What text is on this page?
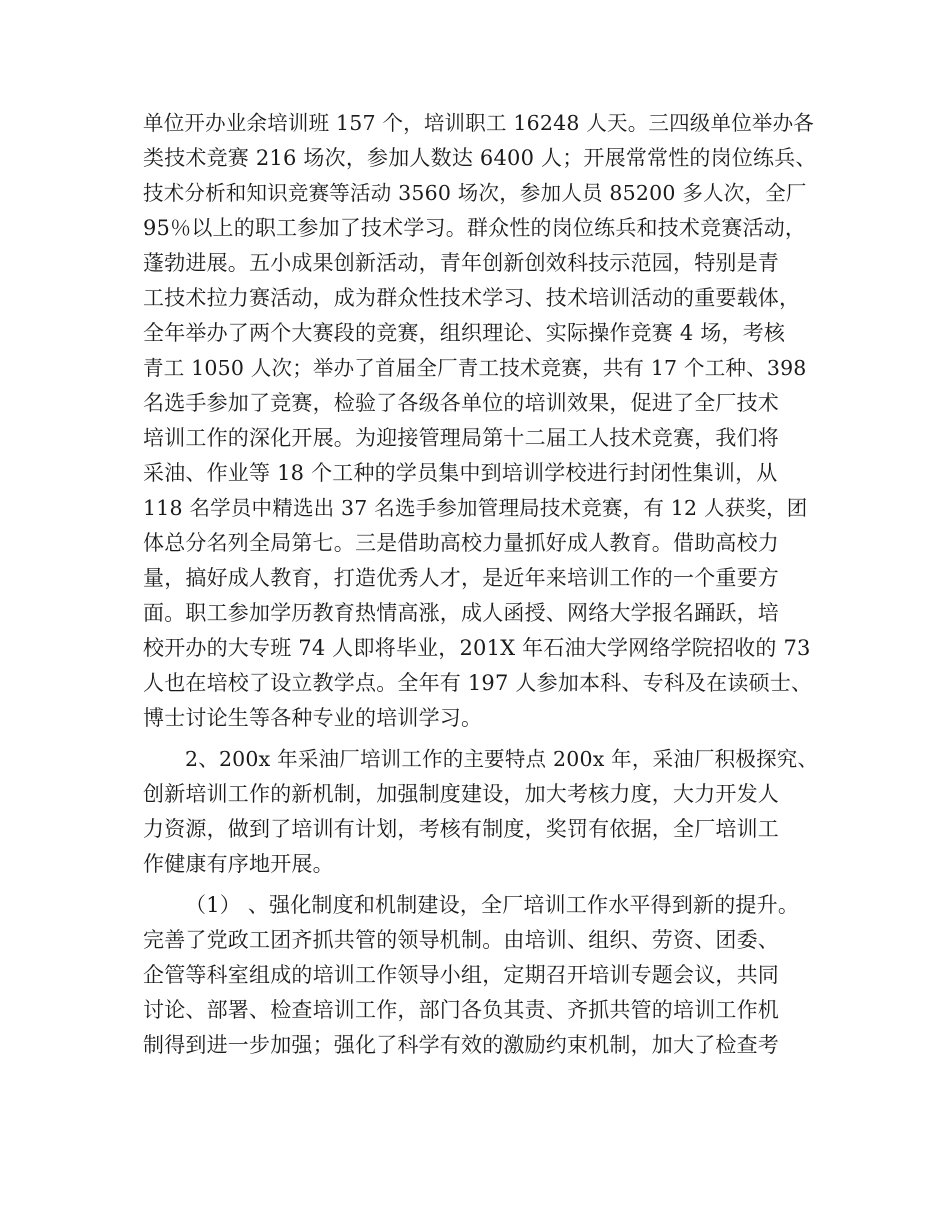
单位开办业余培训班 157 个，培训职工 16248 人天。三四级单位举办各
类技术竞赛 216 场次，参加人数达 6400 人；开展常常性的岗位练兵、
技术分析和知识竞赛等活动 3560 场次，参加人员 85200 多人次，全厂
95％以上的职工参加了技术学习。群众性的岗位练兵和技术竞赛活动，
蓬勃进展。五小成果创新活动，青年创新创效科技示范园，特别是青
工技术拉力赛活动，成为群众性技术学习、技术培训活动的重要载体，
全年举办了两个大赛段的竞赛，组织理论、实际操作竞赛 4 场，考核
青工 1050 人次；举办了首届全厂青工技术竞赛，共有 17 个工种、398
名选手参加了竞赛，检验了各级各单位的培训效果，促进了全厂技术
培训工作的深化开展。为迎接管理局第十二届工人技术竞赛，我们将
采油、作业等 18 个工种的学员集中到培训学校进行封闭性集训，从
118 名学员中精选出 37 名选手参加管理局技术竞赛，有 12 人获奖，团
体总分名列全局第七。三是借助高校力量抓好成人教育。借助高校力
量，搞好成人教育，打造优秀人才，是近年来培训工作的一个重要方
面。职工参加学历教育热情高涨，成人函授、网络大学报名踊跃，培
校开办的大专班 74 人即将毕业，201X 年石油大学网络学院招收的 73
人也在培校了设立教学点。全年有 197 人参加本科、专科及在读硕士、
博士讨论生等各种专业的培训学习。
2、200x 年采油厂培训工作的主要特点 200x 年，采油厂积极探究、
创新培训工作的新机制，加强制度建设，加大考核力度，大力开发人
力资源，做到了培训有计划，考核有制度，奖罚有依据，全厂培训工
作健康有序地开展。
（1） 、强化制度和机制建设，全厂培训工作水平得到新的提升。
完善了党政工团齐抓共管的领导机制。由培训、组织、劳资、团委、
企管等科室组成的培训工作领导小组，定期召开培训专题会议，共同
讨论、部署、检查培训工作，部门各负其责、齐抓共管的培训工作机
制得到进一步加强；强化了科学有效的激励约束机制，加大了检查考
